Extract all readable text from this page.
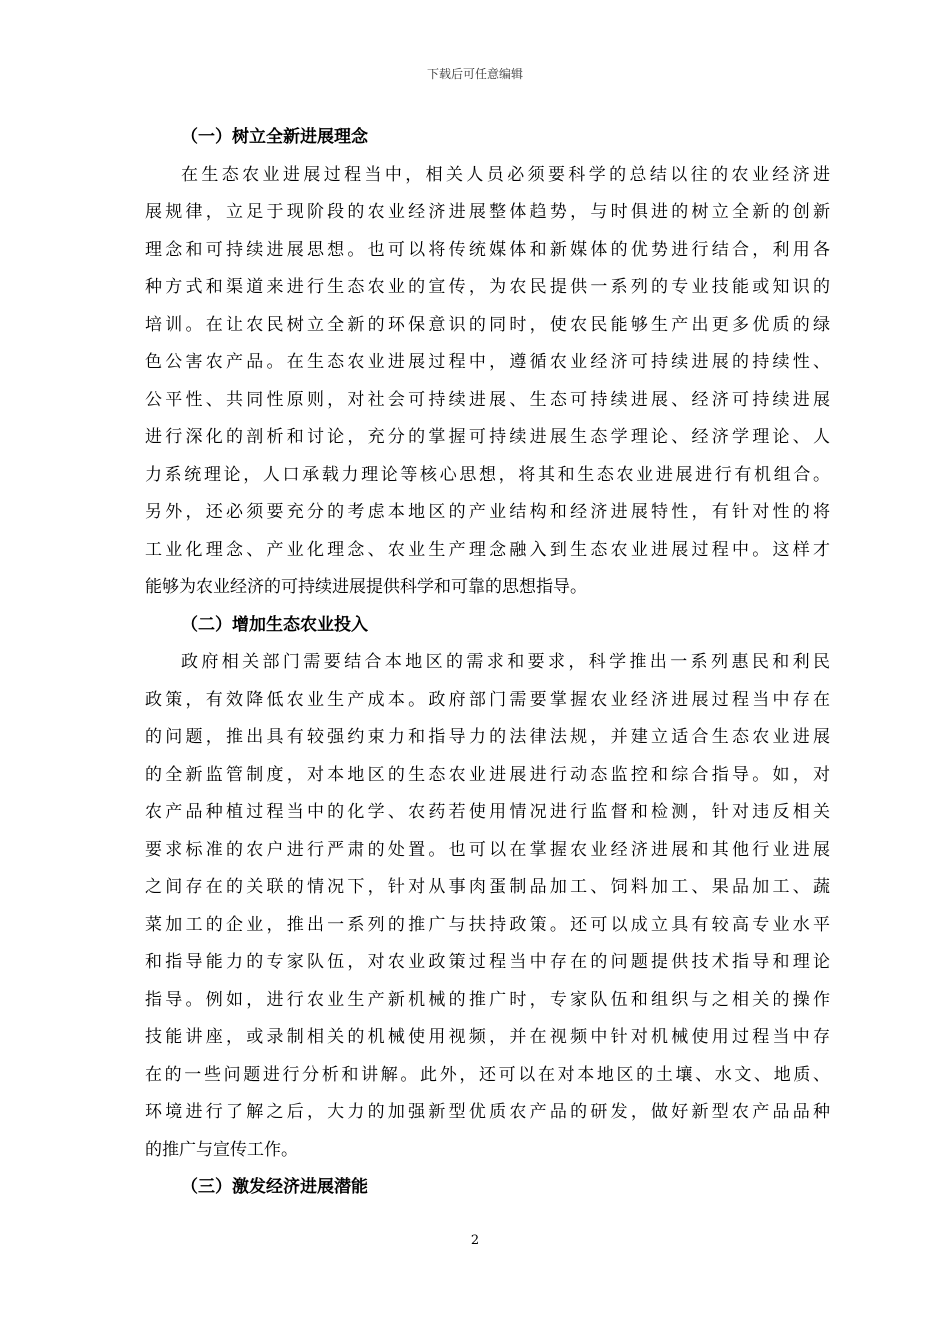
下载后可任意编辑
（一）树立全新进展理念

在生态农业进展过程当中，相关人员必须要科学的总结以往的农业经济进
展规律，立足于现阶段的农业经济进展整体趋势，与时俱进的树立全新的创新
理念和可持续进展思想。也可以将传统媒体和新媒体的优势进行结合，利用各
种方式和渠道来进行生态农业的宣传，为农民提供一系列的专业技能或知识的
培训。在让农民树立全新的环保意识的同时，使农民能够生产出更多优质的绿
色公害农产品。在生态农业进展过程中，遵循农业经济可持续进展的持续性、
公平性、共同性原则，对社会可持续进展、生态可持续进展、经济可持续进展
进行深化的剖析和讨论，充分的掌握可持续进展生态学理论、经济学理论、人
力系统理论，人口承载力理论等核心思想，将其和生态农业进展进行有机组合。
另外，还必须要充分的考虑本地区的产业结构和经济进展特性，有针对性的将
工业化理念、产业化理念、农业生产理念融入到生态农业进展过程中。这样才
能够为农业经济的可持续进展提供科学和可靠的思想指导。

（二）增加生态农业投入

政府相关部门需要结合本地区的需求和要求，科学推出一系列惠民和利民
政策，有效降低农业生产成本。政府部门需要掌握农业经济进展过程当中存在
的问题，推出具有较强约束力和指导力的法律法规，并建立适合生态农业进展
的全新监管制度，对本地区的生态农业进展进行动态监控和综合指导。如，对
农产品种植过程当中的化学、农药若使用情况进行监督和检测，针对违反相关
要求标准的农户进行严肃的处置。也可以在掌握农业经济进展和其他行业进展
之间存在的关联的情况下，针对从事肉蛋制品加工、饲料加工、果品加工、蔬
菜加工的企业，推出一系列的推广与扶持政策。还可以成立具有较高专业水平
和指导能力的专家队伍，对农业政策过程当中存在的问题提供技术指导和理论
指导。例如，进行农业生产新机械的推广时，专家队伍和组织与之相关的操作
技能讲座，或录制相关的机械使用视频，并在视频中针对机械使用过程当中存
在的一些问题进行分析和讲解。此外，还可以在对本地区的土壤、水文、地质、
环境进行了解之后，大力的加强新型优质农产品的研发，做好新型农产品品种
的推广与宣传工作。

（三）激发经济进展潜能
2
